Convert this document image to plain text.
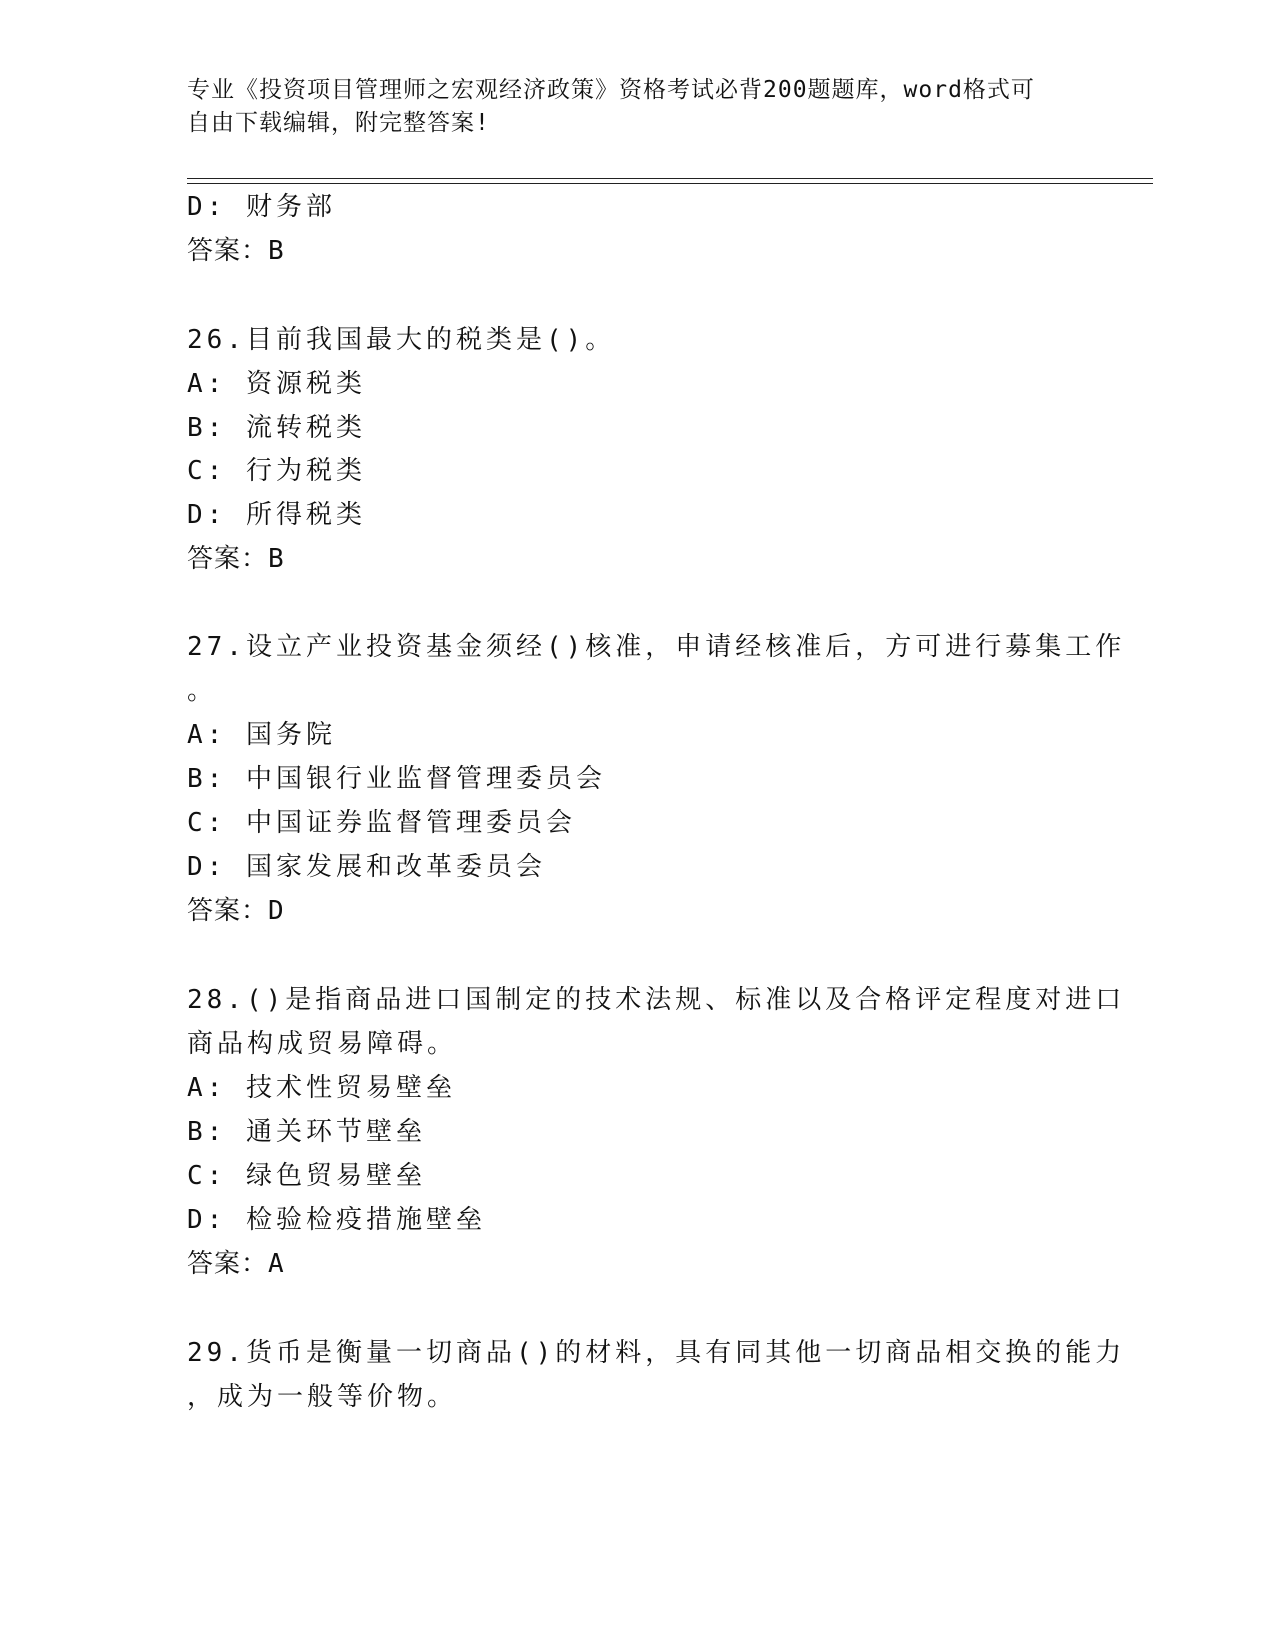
专业《投资项目管理师之宏观经济政策》资格考试必背200题题库，word格式可
自由下载编辑，附完整答案!
D: 财务部
答案：B
26.目前我国最大的税类是()。
A: 资源税类
B: 流转税类
C: 行为税类
D: 所得税类
答案：B
27.设立产业投资基金须经()核准，申请经核准后，方可进行募集工作
。
A: 国务院
B: 中国银行业监督管理委员会
C: 中国证券监督管理委员会
D: 国家发展和改革委员会
答案：D
28.()是指商品进口国制定的技术法规、标准以及合格评定程度对进口
商品构成贸易障碍。
A: 技术性贸易壁垒
B: 通关环节壁垒
C: 绿色贸易壁垒
D: 检验检疫措施壁垒
答案：A
29.货币是衡量一切商品()的材料，具有同其他一切商品相交换的能力
，成为一般等价物。
